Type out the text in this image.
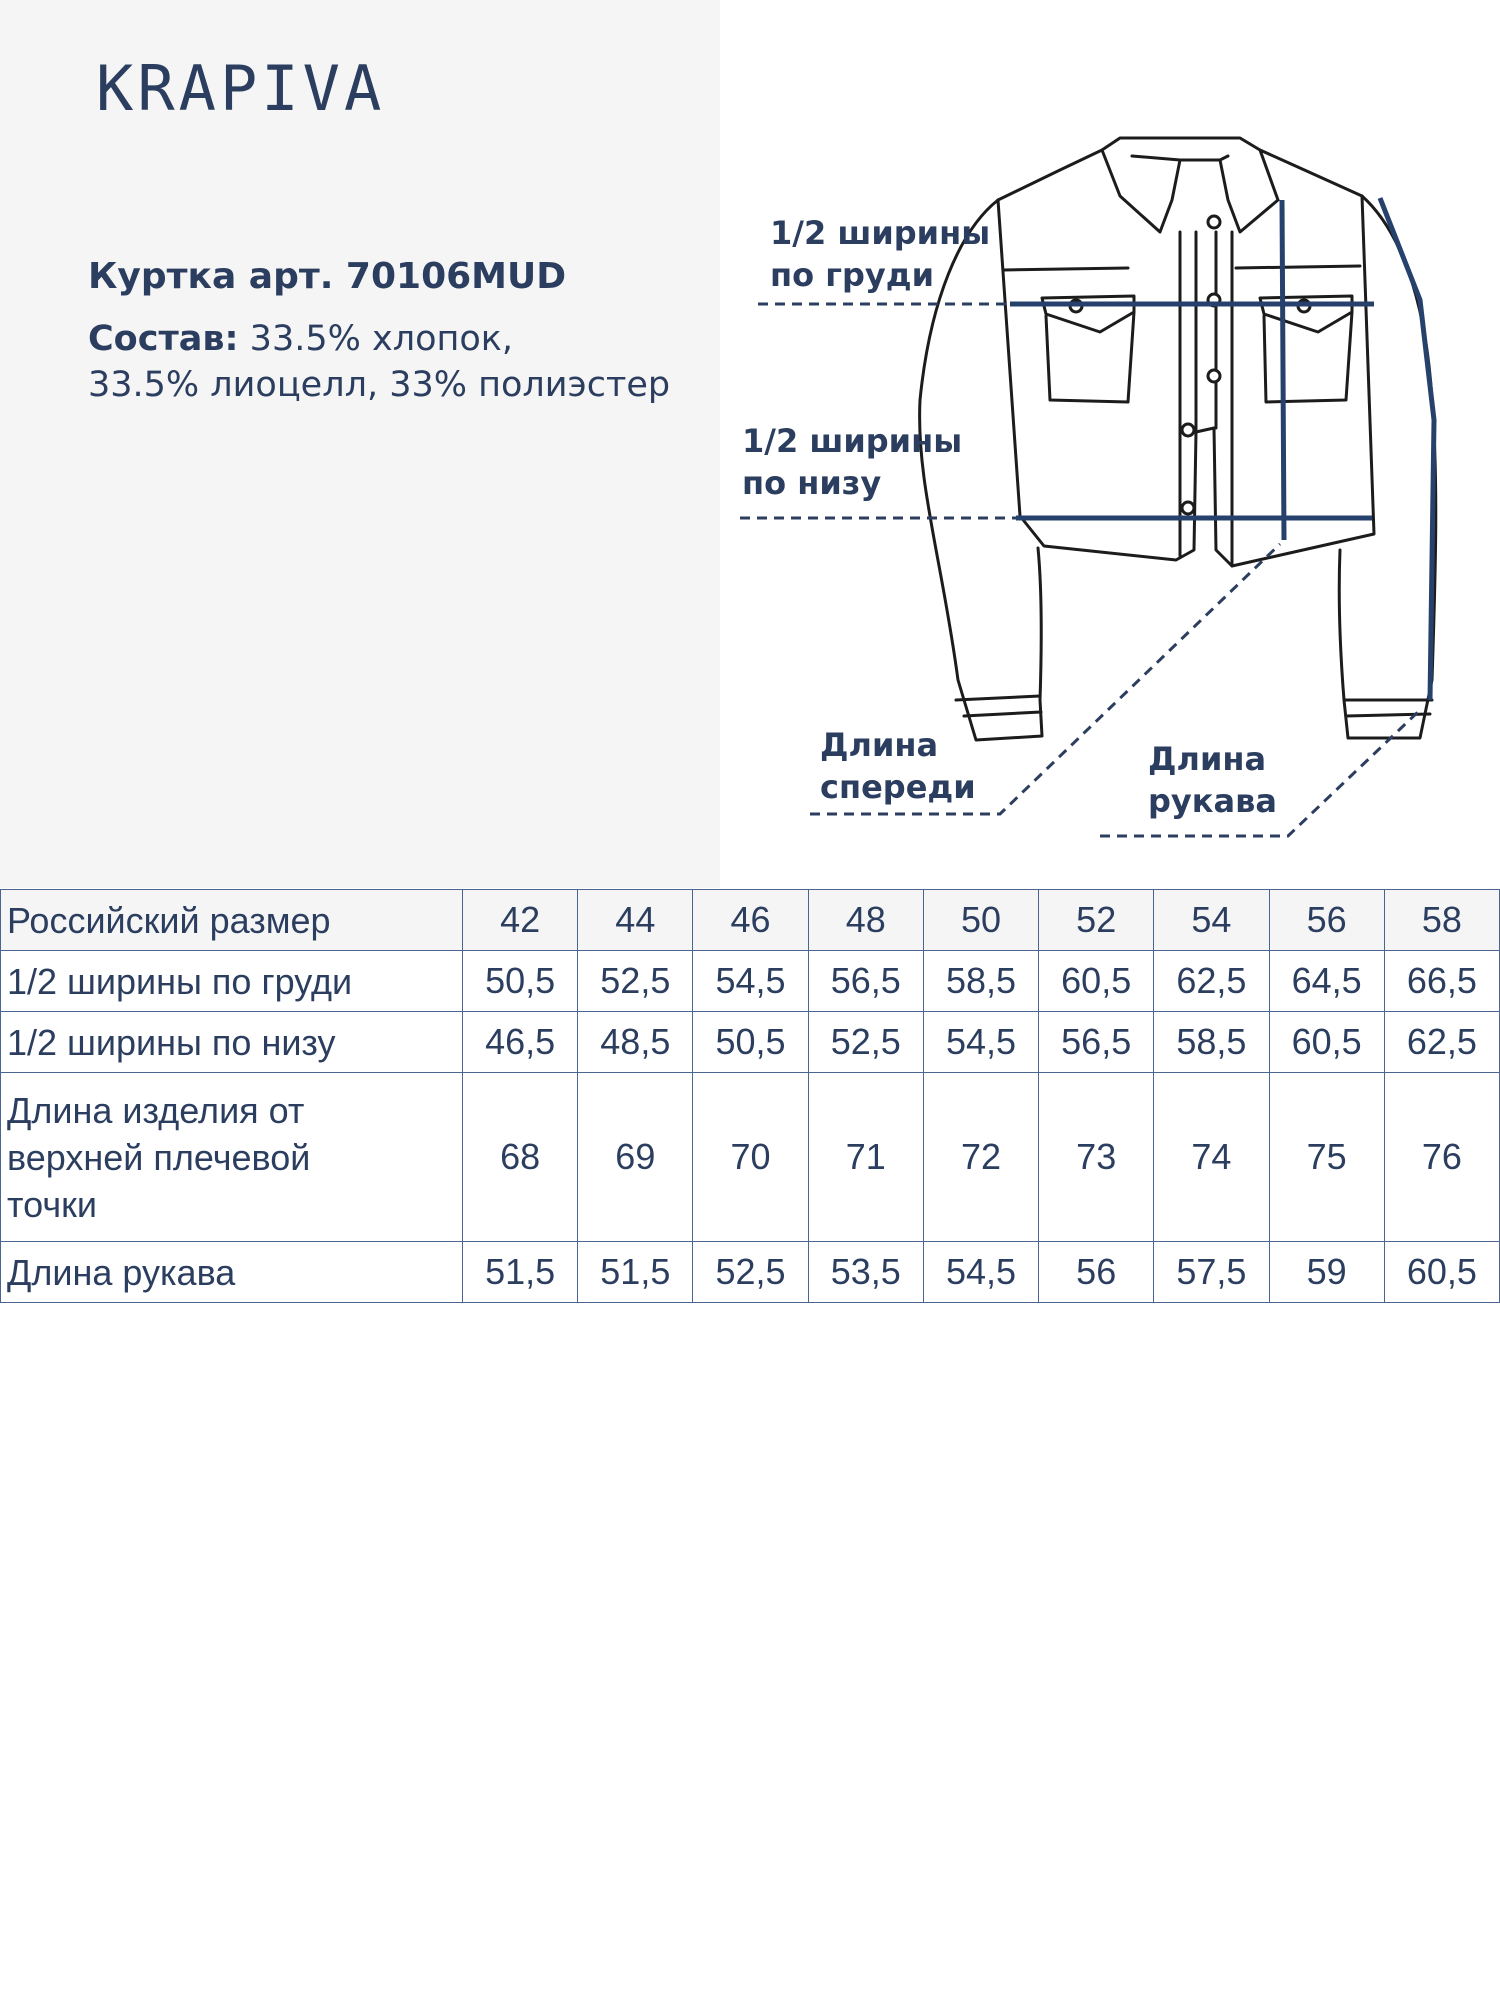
KRAPIVA
Куртка арт. 70106MUD
Состав: 33.5% хлопок,
33.5% лиоцелл, 33% полиэстер
1/2 ширины
по груди
1/2 ширины
по низу
Длина
спереди
Длина
рукава
Российский размер	42	44	46	48	50	52	54	56	58
1/2 ширины по груди	50,5	52,5	54,5	56,5	58,5	60,5	62,5	64,5	66,5
1/2 ширины по низу	46,5	48,5	50,5	52,5	54,5	56,5	58,5	60,5	62,5

Длина изделия от
верхней плечевой
точки	68	69	70	71	72	73	74	75	76
Длина рукава	51,5	51,5	52,5	53,5	54,5	56	57,5	59	60,5
